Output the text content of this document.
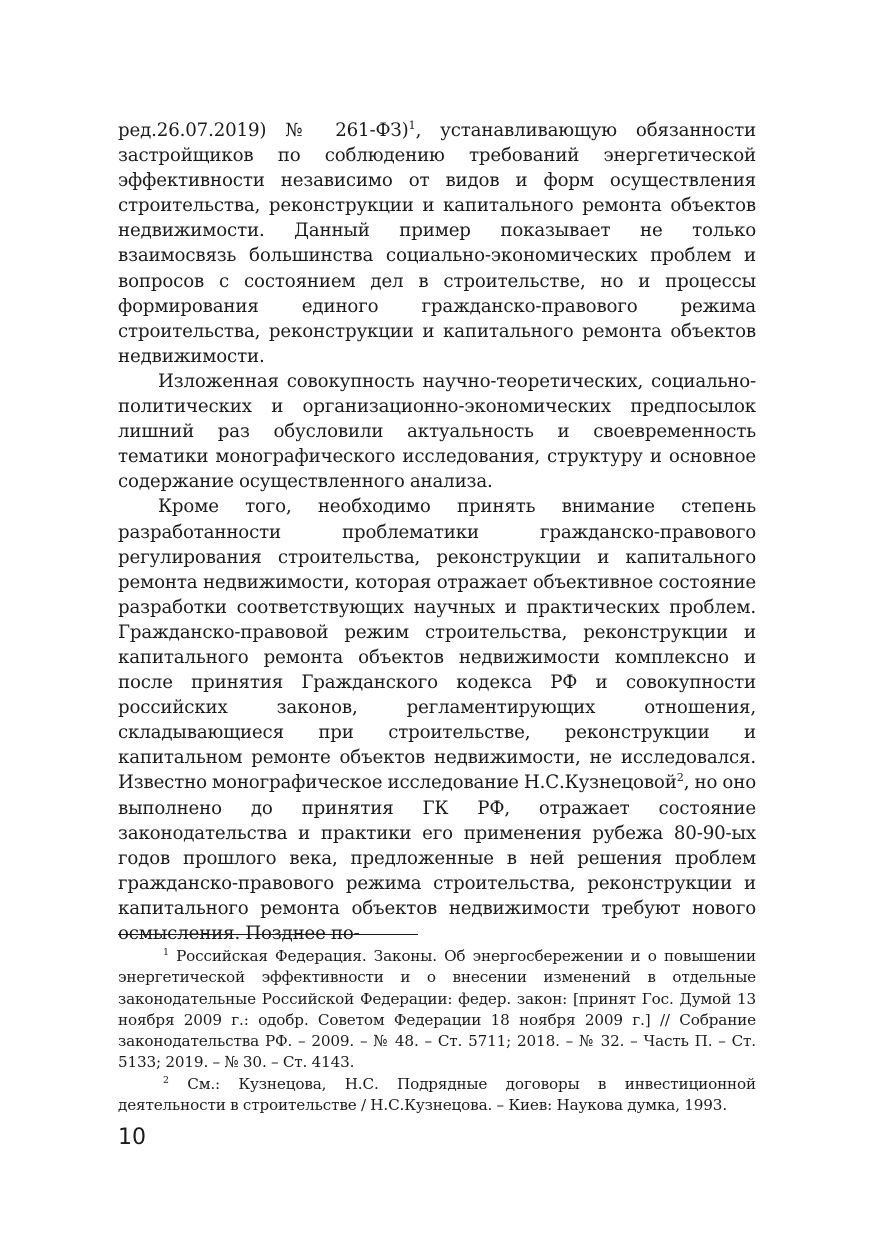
ред.26.07.2019) № 261-ФЗ)$^1$, устанавливающую обязанности застройщиков по соблюдению требований энергетической эффективности независимо от видов и форм осуществления строительства, реконструкции и капитального ремонта объектов недвижимости. Данный пример показывает не только взаимосвязь большинства социально-экономических проблем и вопросов с состоянием дел в строительстве, но и процессы формирования единого гражданско-правового режима строительства, реконструкции и капитального ремонта объектов недвижимости.

Изложенная совокупность научно-теоретических, социально-политических и организационно-экономических предпосылок лишний раз обусловили актуальность и своевременность тематики монографического исследования, структуру и основное содержание осуществленного анализа.

Кроме того, необходимо принять внимание степень разработанности проблематики гражданско-правового регулирования строительства, реконструкции и капитального ремонта недвижимости, которая отражает объективное состояние разработки соответствующих научных и практических проблем. Гражданско-правовой режим строительства, реконструкции и капитального ремонта объектов недвижимости комплексно и после принятия Гражданского кодекса РФ и совокупности российских законов, регламентирующих отношения, складывающиеся при строительстве, реконструкции и капитальном ремонте объектов недвижимости, не исследовался. Известно монографическое исследование Н.С.Кузнецовой$^2$, но оно выполнено до принятия ГК РФ, отражает состояние законодательства и практики его применения рубежа 80-90-ых годов прошлого века, предложенные в ней решения проблем гражданско-правового режима строительства, реконструкции и капитального ремонта объектов недвижимости требуют нового осмысления. Позднее по-

$^1$ Российская Федерация. Законы. Об энергосбережении и о повышении энергетической эффективности и о внесении изменений в отдельные законодательные Российской Федерации: федер. закон: [принят Гос. Думой 13 ноября 2009 г.: одобр. Советом Федерации 18 ноября 2009 г.] // Собрание законодательства РФ. – 2009. – № 48. – Ст. 5711; 2018. – № 32. – Часть П. – Ст. 5133; 2019. – № 30. – Ст. 4143.

$^2$ См.: Кузнецова, Н.С. Подрядные договоры в инвестиционной деятельности в строительстве / Н.С.Кузнецова. – Киев: Наукова думка, 1993.

10
